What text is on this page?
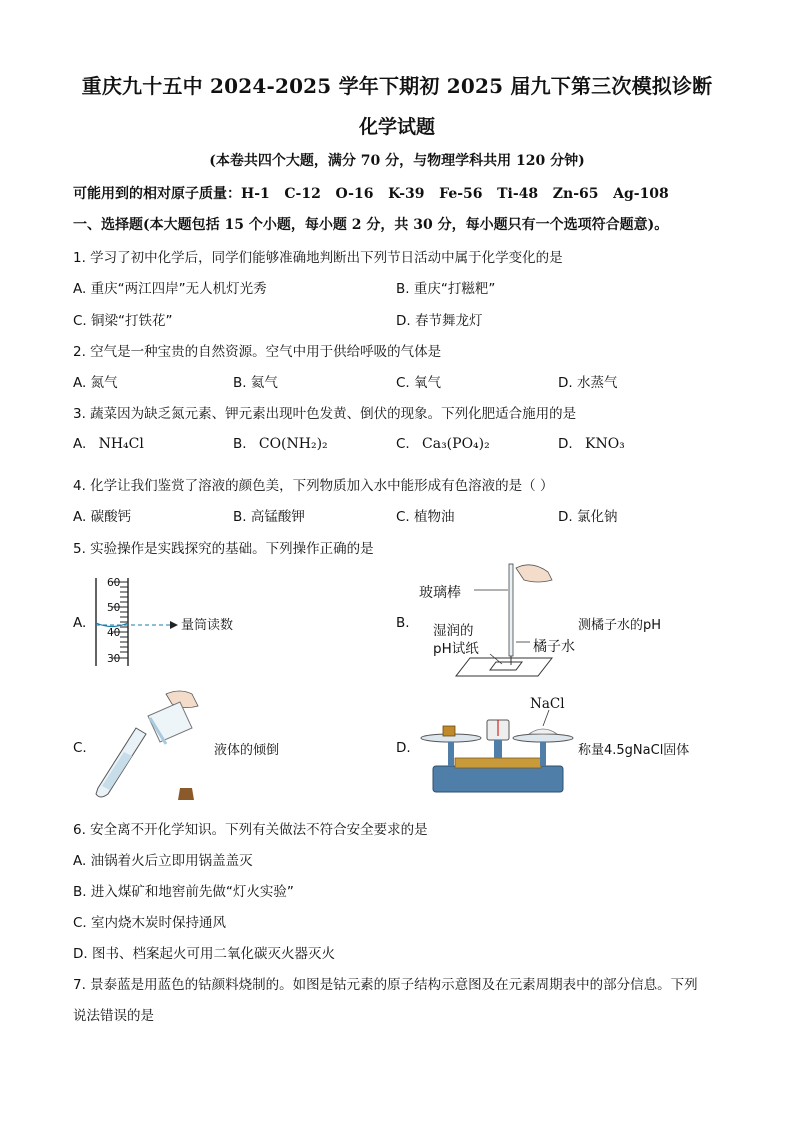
重庆九十五中 2024-2025 学年下期初 2025 届九下第三次模拟诊断
化学试题
(本卷共四个大题，满分 70 分，与物理学科共用 120 分钟)
可能用到的相对原子质量：H-1   C-12   O-16   K-39   Fe-56   Ti-48   Zn-65   Ag-108
一、选择题(本大题包括 15 个小题，每小题 2 分，共 30 分，每小题只有一个选项符合题意)。
1. 学习了初中化学后，同学们能够准确地判断出下列节日活动中属于化学变化的是
A. 重庆“两江四岸”无人机灯光秀	B. 重庆“打糍粑”
C. 铜梁“打铁花”	D. 春节舞龙灯
2. 空气是一种宝贵的自然资源。空气中用于供给呼吸的气体是
A. 氮气	B. 氦气	C. 氧气	D. 水蒸气
3. 蔬菜因为缺乏氮元素、钾元素出现叶色发黄、倒伏的现象。下列化肥适合施用的是
A. NH₄Cl	B. CO(NH₂)₂	C. Ca₃(PO₄)₂	D. KNO₃
4. 化学让我们鉴赏了溶液的颜色美，下列物质加入水中能形成有色溶液的是（ ）
A. 碳酸钙	B. 高锰酸钾	C. 植物油	D. 氯化钠
5. 实验操作是实践探究的基础。下列操作正确的是
A.
60
50
40
30
量筒读数	B.
玻璃棒
湿润的
pH试纸	橘子水
测橘子水的pH
C.	液体的倾倒	D.
NaCl
称量4.5gNaCl固体
6. 安全离不开化学知识。下列有关做法不符合安全要求的是
A. 油锅着火后立即用锅盖盖灭
B. 进入煤矿和地窖前先做“灯火实验”
C. 室内烧木炭时保持通风
D. 图书、档案起火可用二氧化碳灭火器灭火
7. 景泰蓝是用蓝色的钴颜料烧制的。如图是钴元素的原子结构示意图及在元素周期表中的部分信息。下列
说法错误的是
